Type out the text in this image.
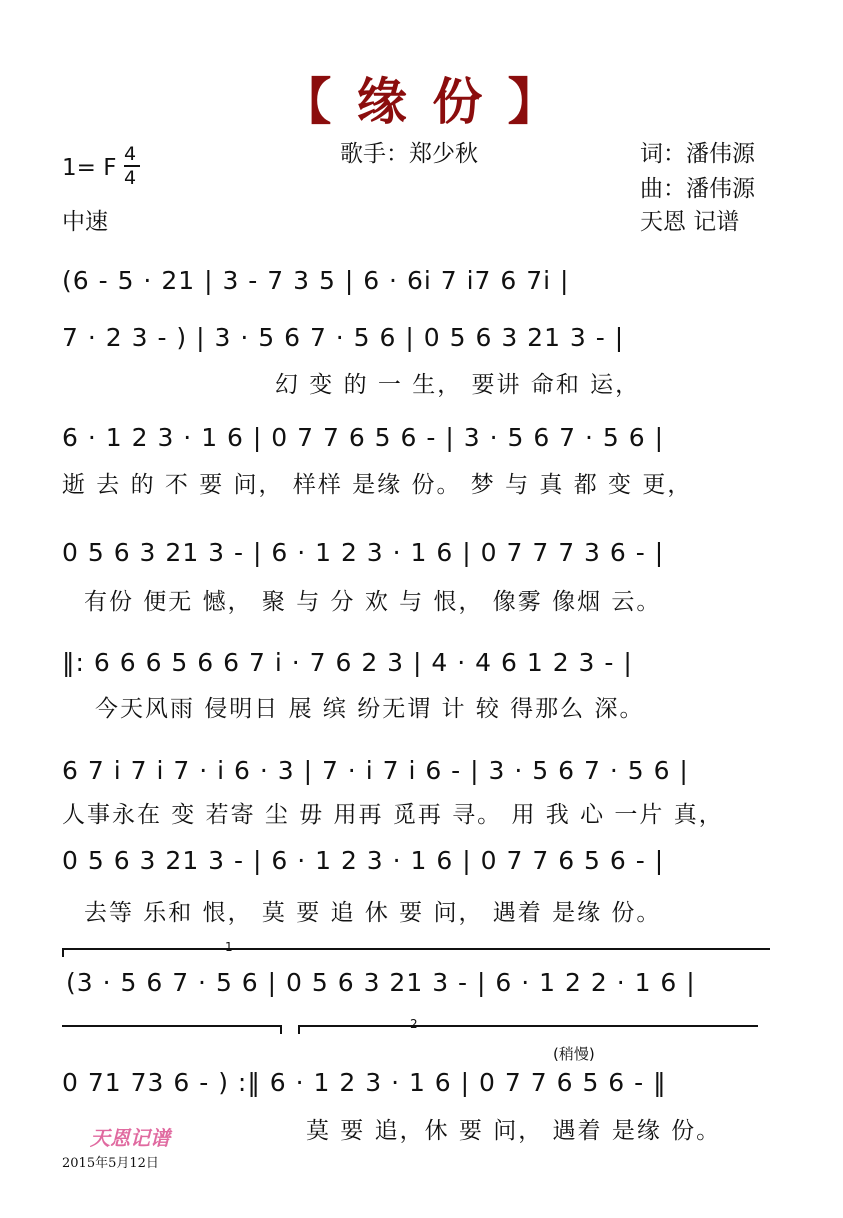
【 缘 份 】
歌手：郑少秋	词：潘伟源
曲：潘伟源
天恩 记谱
1= F
4
4
中速
(6 - 5 · 21 | 3 - 7 3 5 | 6 · 6i 7 i7 6 7i |
7 · 2 3 - ) | 3 · 5 6 7 · 5 6 | 0 5 6 3 21 3 - |
幻 变 的 一 生， 要讲 命和 运，
6 · 1 2 3 · 1 6 | 0 7 7 6 5 6 - | 3 · 5 6 7 · 5 6 |
逝 去 的 不 要 问， 样样 是缘 份。 梦 与 真 都 变 更，
0 5 6 3 21 3 - | 6 · 1 2 3 · 1 6 | 0 7 7 7 3 6 - |
有份 便无 憾， 聚 与 分 欢 与 恨， 像雾 像烟 云。
‖: 6 6 6 5 6 6 7 i · 7 6 2 3 | 4 · 4 6 1 2 3 - |
今天风雨 侵明日 展 缤 纷无谓 计 较 得那么 深。
6 7 i 7 i 7 · i 6 · 3 | 7 · i 7 i 6 - | 3 · 5 6 7 · 5 6 |
人事永在 变 若寄 尘 毋 用再 觅再 寻。 用 我 心 一片 真，
0 5 6 3 21 3 - | 6 · 1 2 3 · 1 6 | 0 7 7 6 5 6 - |
去等 乐和 恨， 莫 要 追 休 要 问， 遇着 是缘 份。
1
(3 · 5 6 7 · 5 6 | 0 5 6 3 21 3 - | 6 · 1 2 2 · 1 6 |
2
(稍慢)
0 71 73 6 - ) :‖ 6 · 1 2 3 · 1 6 | 0 7 7 6 5 6 - ‖
莫 要 追，休 要 问， 遇着 是缘 份。
天恩记谱
2015年5月12日
